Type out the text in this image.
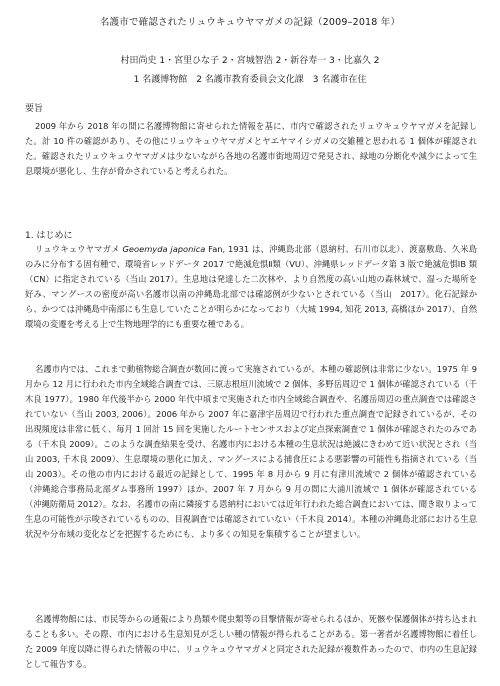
名護市で確認されたリュウキュウヤマガメの記録（2009–2018 年）
村田尚史 1・宮里ひな子 2・宮城智浩 2・新谷寿一 3・比嘉久 2
1 名護博物館　2 名護市教育委員会文化課　3 名護市在住
要旨
2009 年から 2018 年の間に名護博物館に寄せられた情報を基に、市内で確認されたリュウキュウヤマガメを記録した。計 10 件の確認があり、その他にリュウキュウヤマガメとヤエヤマイシガメの交雑種と思われる 1 個体が確認された。確認されたリュウキュウヤマガメは少ないながら各地の名護市街地周辺で発見され、緑地の分断化や減少によって生息環境が悪化し、生存が脅かされていると考えられた。
1. はじめに
リュウキュウヤマガメ Geoemyda japonica Fan, 1931 は、沖縄島北部（恩納村、石川市以北）、渡嘉敷島、久米島のみに分布する固有種で、環境省レッドデータ 2017 で絶滅危惧Ⅱ類（VU）、沖縄県レッドデータ第 3 版で絶滅危惧ⅠB 類（CN）に指定されている（当山 2017）。生息地は発達した二次林や、より自然度の高い山地の森林域で、湿った場所を好み、マングースの密度が高い名護市以南の沖縄島北部では確認例が少ないとされている（当山　2017）。化石記録から、かつては沖縄島中南部にも生息していたことが明らかになっており（大城 1994, 知花 2013, 高橋ほか 2017）、自然環境の変遷を考える上で生物地理学的にも重要な種である。
名護市内では、これまで動植物総合調査が数回に渡って実施されているが、本種の確認例は非常に少ない。1975 年 9 月から 12 月に行われた市内全域総合調査では、三原志根垣川流域で 2 個体、多野岳周辺で 1 個体が確認されている（千木良 1977）。1980 年代後半から 2000 年代中頃まで実施された市内全域総合調査や、名護岳周辺の重点調査では確認されていない（当山 2003, 2006）。2006 年から 2007 年に嘉津宇岳周辺で行われた重点調査で記録されているが、その出現頻度は非常に低く、毎月 1 回計 15 回を実施したルートセンサスおよび定点探索調査で 1 個体が確認されたのみである（千木良 2009）。このような調査結果を受け、名護市内における本種の生息状況は絶滅にきわめて近い状況とされ（当山 2003, 千木良 2009）、生息環境の悪化に加え、マングースによる捕食圧による悪影響の可能性も指摘されている（当山 2003）。その他の市内における最近の記録として、1995 年 8 月から 9 月に有津川流域で 2 個体が確認されている（沖縄総合事務局北部ダム事務所 1997）ほか、2007 年 7 月から 9 月の間に大浦川流域で 1 個体が確認されている（沖縄防衛局 2012）。なお、名護市の南に隣接する恩納村においては近年行われた総合調査においては、聞き取りよって生息の可能性が示唆されているものの、目視調査では確認されていない（千木良 2014）。本種の沖縄島北部における生息状況や分布域の変化などを把握するためにも、より多くの知見を集積することが望ましい。
名護博物館には、市民等からの通報により鳥類や爬虫類等の目撃情報が寄せられるほか、死骸や保護個体が持ち込まれることも多い。その際、市内における生息知見が乏しい種の情報が得られることがある。第一著者が名護博物館に着任した 2009 年度以降に得られた情報の中に、リュウキュウヤマガメと同定された記録が複数件あったので、市内の生息記録として報告する。
